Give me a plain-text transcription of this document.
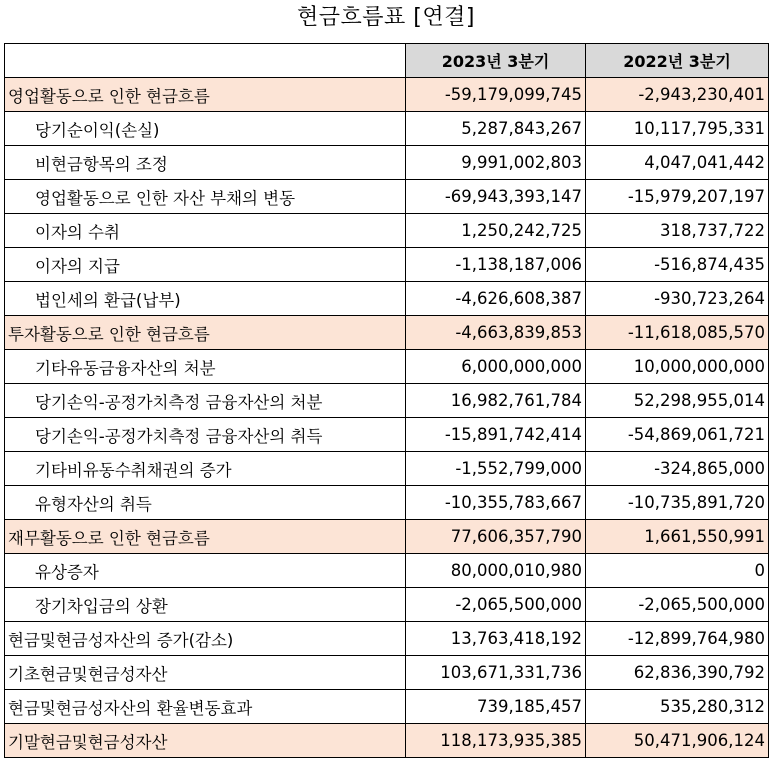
현금흐름표 [연결]
	2023년 3분기	2022년 3분기
영업활동으로 인한 현금흐름	-59,179,099,745	-2,943,230,401
당기순이익(손실)	5,287,843,267	10,117,795,331
비현금항목의 조정	9,991,002,803	4,047,041,442
영업활동으로 인한 자산 부채의 변동	-69,943,393,147	-15,979,207,197
이자의 수취	1,250,242,725	318,737,722
이자의 지급	-1,138,187,006	-516,874,435
법인세의 환급(납부)	-4,626,608,387	-930,723,264
투자활동으로 인한 현금흐름	-4,663,839,853	-11,618,085,570
기타유동금융자산의 처분	6,000,000,000	10,000,000,000
당기손익-공정가치측정 금융자산의 처분	16,982,761,784	52,298,955,014
당기손익-공정가치측정 금융자산의 취득	-15,891,742,414	-54,869,061,721
기타비유동수취채권의 증가	-1,552,799,000	-324,865,000
유형자산의 취득	-10,355,783,667	-10,735,891,720
재무활동으로 인한 현금흐름	77,606,357,790	1,661,550,991
유상증자	80,000,010,980	0
장기차입금의 상환	-2,065,500,000	-2,065,500,000
현금및현금성자산의 증가(감소)	13,763,418,192	-12,899,764,980
기초현금및현금성자산	103,671,331,736	62,836,390,792
현금및현금성자산의 환율변동효과	739,185,457	535,280,312
기말현금및현금성자산	118,173,935,385	50,471,906,124
